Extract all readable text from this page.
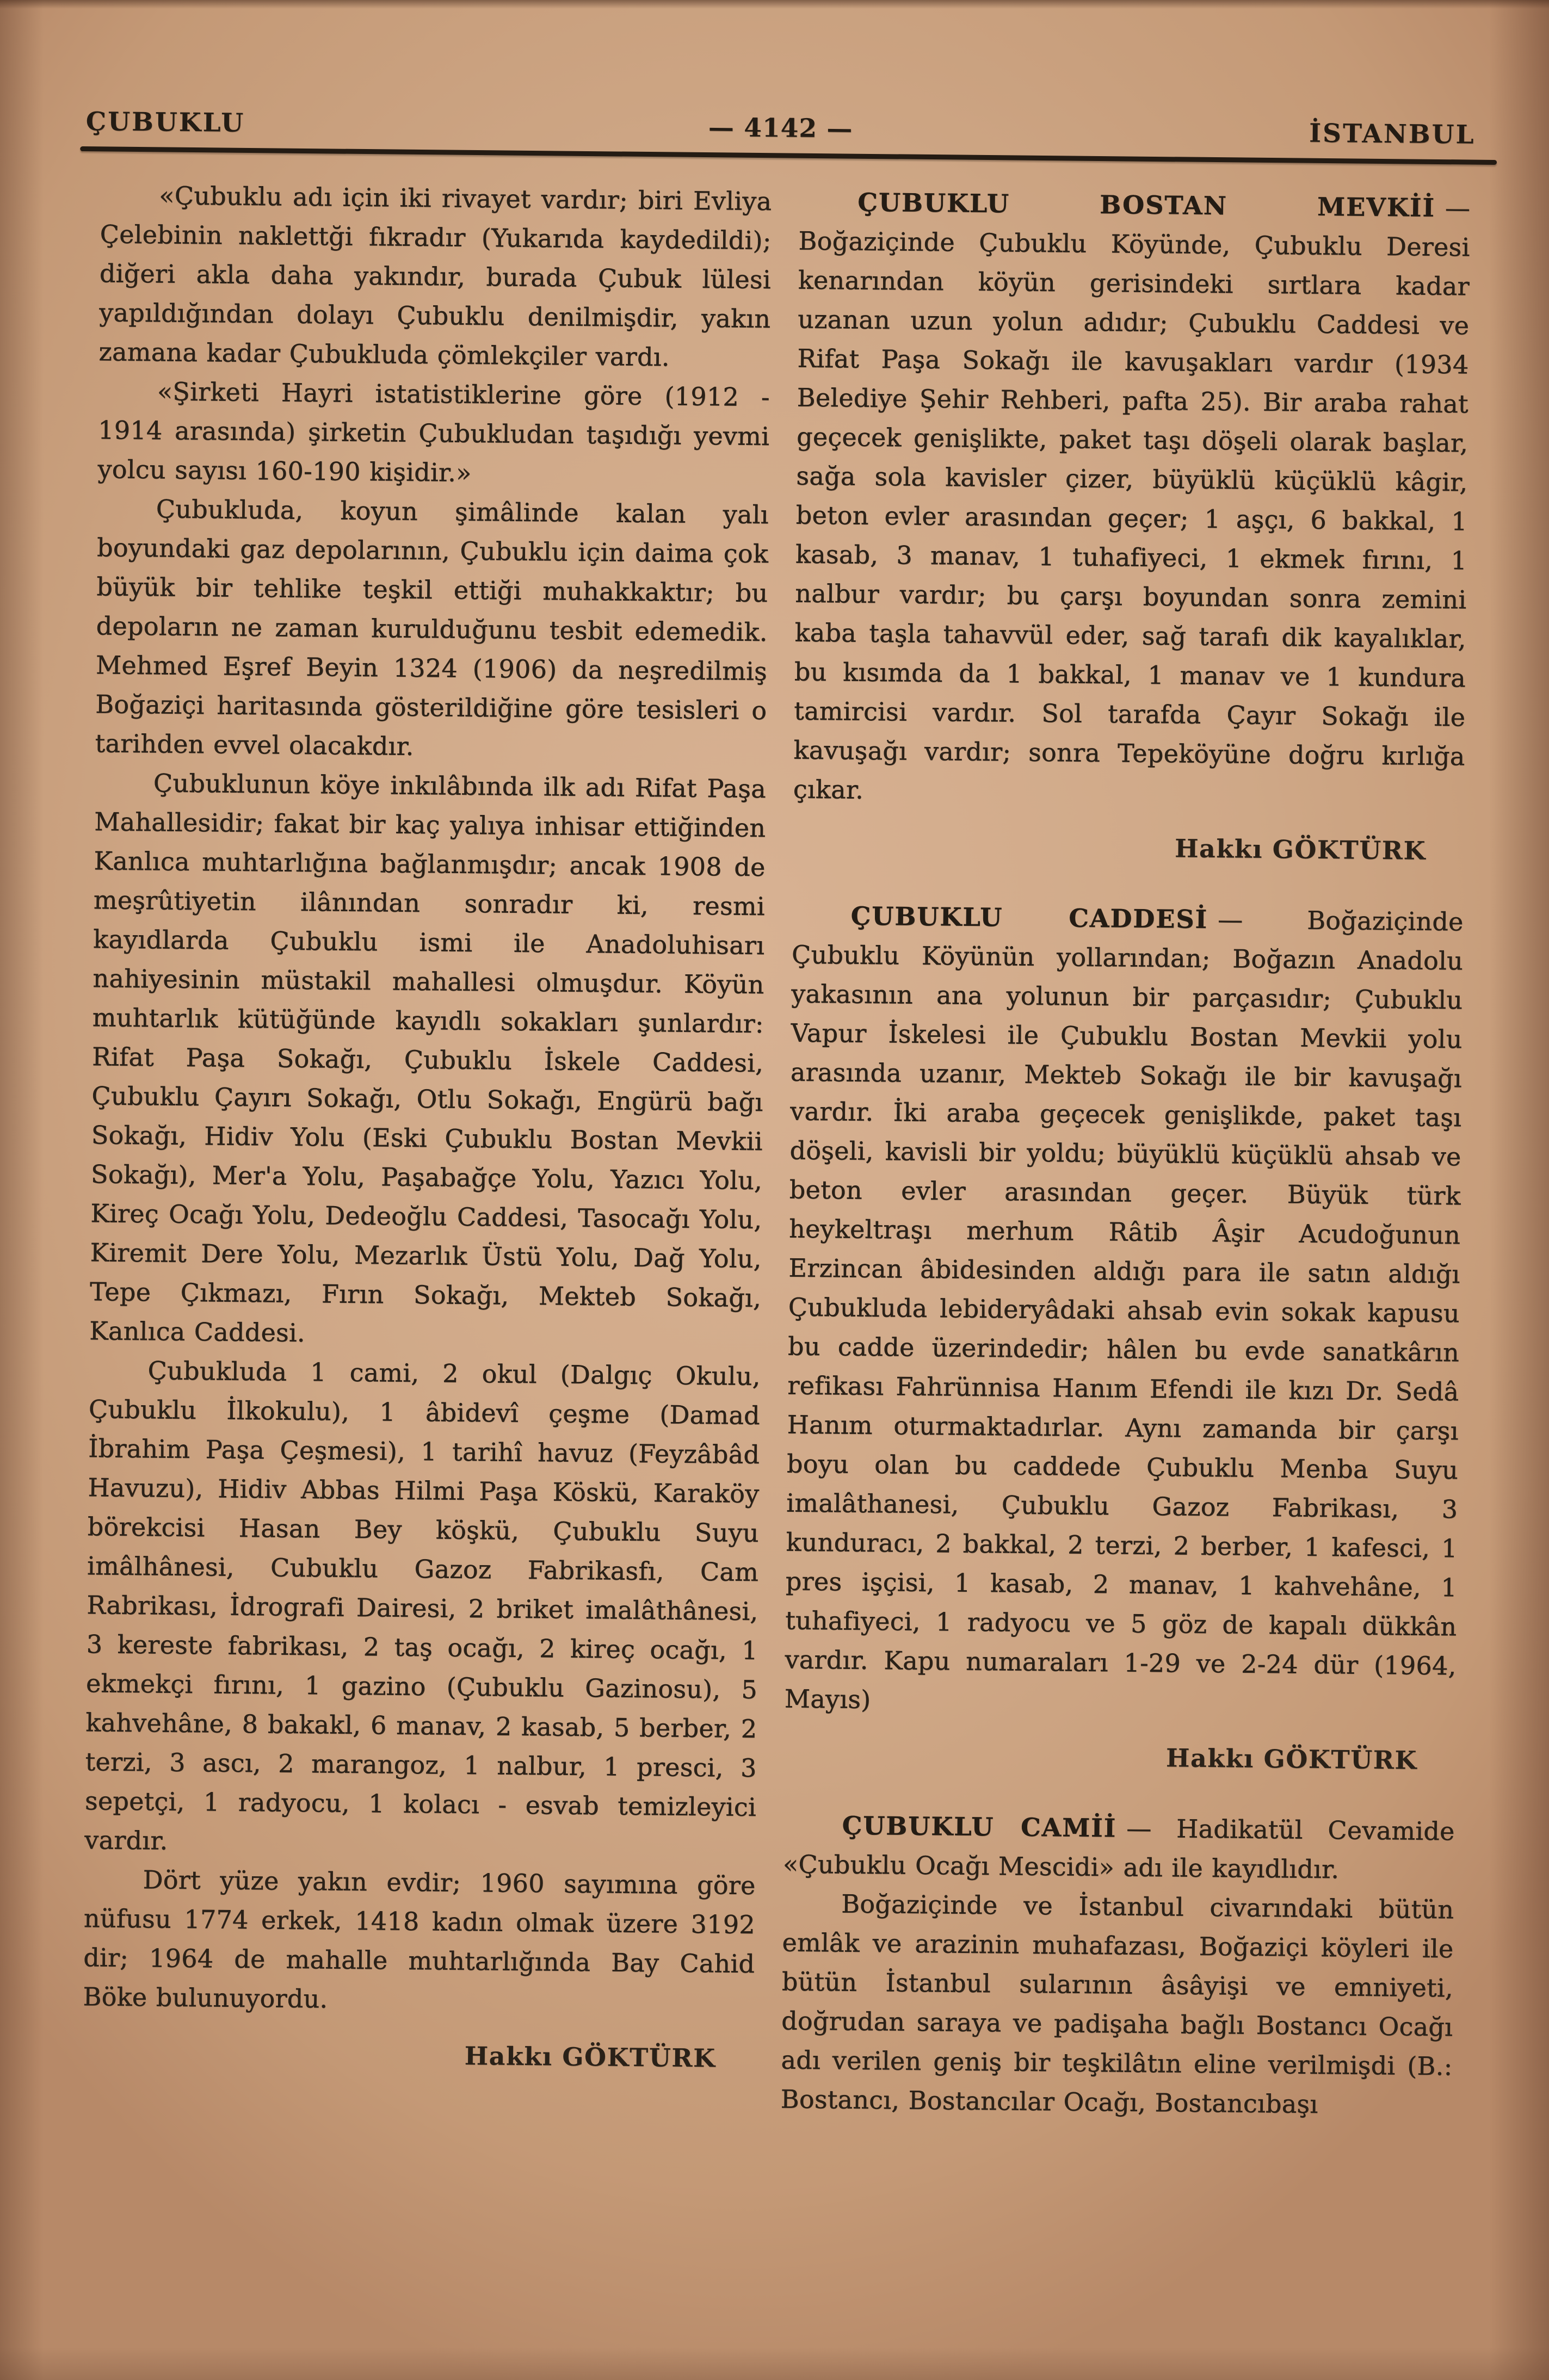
ÇUBUKLU	— 4142 —	İSTANBUL

«Çubuklu adı için iki rivayet vardır; biri Evliya Çelebinin naklettği fıkradır (Yukarıda kaydedildi); diğeri akla daha yakındır, burada Çubuk lülesi yapıldığından dolayı Çubuklu denilmişdir, yakın zamana kadar Çubukluda çömlekçiler vardı.

«Şirketi Hayri istatistiklerine göre (1912 - 1914 arasında) şirketin Çubukludan taşıdığı yevmi yolcu sayısı 160-190 kişidir.»

Çubukluda, koyun şimâlinde kalan yalı boyundaki gaz depolarının, Çubuklu için daima çok büyük bir tehlike teşkil ettiği muhakkaktır; bu depoların ne zaman kurulduğunu tesbit edemedik. Mehmed Eşref Beyin 1324 (1906) da neşredilmiş Boğaziçi haritasında gösterildiğine göre tesisleri o tarihden evvel olacakdır.

Çubuklunun köye inkılâbında ilk adı Rifat Paşa Mahallesidir; fakat bir kaç yalıya inhisar ettiğinden Kanlıca muhtarlığına bağlanmışdır; ancak 1908 de meşrûtiyetin ilânından sonradır ki, resmi kayıdlarda Çubuklu ismi ile Anadoluhisarı nahiyesinin müstakil mahallesi olmuşdur. Köyün muhtarlık kütüğünde kayıdlı sokakları şunlardır: Rifat Paşa Sokağı, Çubuklu İskele Caddesi, Çubuklu Çayırı Sokağı, Otlu Sokağı, Engürü bağı Sokağı, Hidiv Yolu (Eski Çubuklu Bostan Mevkii Sokağı), Mer'a Yolu, Paşabağçe Yolu, Yazıcı Yolu, Kireç Ocağı Yolu, Dedeoğlu Caddesi, Tasocağı Yolu, Kiremit Dere Yolu, Mezarlık Üstü Yolu, Dağ Yolu, Tepe Çıkmazı, Fırın Sokağı, Mekteb Sokağı, Kanlıca Caddesi.

Çubukluda 1 cami, 2 okul (Dalgıç Okulu, Çubuklu İlkokulu), 1 âbidevî çeşme (Damad İbrahim Paşa Çeşmesi), 1 tarihî havuz (Feyzâbâd Havuzu), Hidiv Abbas Hilmi Paşa Köskü, Karaköy börekcisi Hasan Bey köşkü, Çubuklu Suyu imâlhânesi, Cubuklu Gazoz Fabrikasfı, Cam Rabrikası, İdrografi Dairesi, 2 briket imalâthânesi, 3 kereste fabrikası, 2 taş ocağı, 2 kireç ocağı, 1 ekmekçi fırını, 1 gazino (Çubuklu Gazinosu), 5 kahvehâne, 8 bakakl, 6 manav, 2 kasab, 5 berber, 2 terzi, 3 ascı, 2 marangoz, 1 nalbur, 1 presci, 3 sepetçi, 1 radyocu, 1 kolacı - esvab temizleyici vardır.

Dört yüze yakın evdir; 1960 sayımına göre nüfusu 1774 erkek, 1418 kadın olmak üzere 3192 dir; 1964 de mahalle muhtarlığında Bay Cahid Böke bulunuyordu.

Hakkı GÖKTÜRK

ÇUBUKLU BOSTAN MEVKİİ — Boğaziçinde Çubuklu Köyünde, Çubuklu Deresi kenarından köyün gerisindeki sırtlara kadar uzanan uzun yolun adıdır; Çubuklu Caddesi ve Rifat Paşa Sokağı ile kavuşakları vardır (1934 Belediye Şehir Rehberi, pafta 25). Bir araba rahat geçecek genişlikte, paket taşı döşeli olarak başlar, sağa sola kavisler çizer, büyüklü küçüklü kâgir, beton evler arasından geçer; 1 aşçı, 6 bakkal, 1 kasab, 3 manav, 1 tuhafiyeci, 1 ekmek fırını, 1 nalbur vardır; bu çarşı boyundan sonra zemini kaba taşla tahavvül eder, sağ tarafı dik kayalıklar, bu kısımda da 1 bakkal, 1 manav ve 1 kundura tamircisi vardır. Sol tarafda Çayır Sokağı ile kavuşağı vardır; sonra Tepeköyüne doğru kırlığa çıkar.

Hakkı GÖKTÜRK

ÇUBUKLU CADDESİ — Boğaziçinde Çubuklu Köyünün yollarından; Boğazın Anadolu yakasının ana yolunun bir parçasıdır; Çubuklu Vapur İskelesi ile Çubuklu Bostan Mevkii yolu arasında uzanır, Mekteb Sokağı ile bir kavuşağı vardır. İki araba geçecek genişlikde, paket taşı döşeli, kavisli bir yoldu; büyüklü küçüklü ahsab ve beton evler arasından geçer. Büyük türk heykeltraşı merhum Râtib Âşir Acudoğunun Erzincan âbidesinden aldığı para ile satın aldığı Çubukluda lebideryâdaki ahsab evin sokak kapusu bu cadde üzerindedir; hâlen bu evde sanatkârın refikası Fahrünnisa Hanım Efendi ile kızı Dr. Sedâ Hanım oturmaktadırlar. Aynı zamanda bir çarşı boyu olan bu caddede Çubuklu Menba Suyu imalâthanesi, Çubuklu Gazoz Fabrikası, 3 kunduracı, 2 bakkal, 2 terzi, 2 berber, 1 kafesci, 1 pres işçisi, 1 kasab, 2 manav, 1 kahvehâne, 1 tuhafiyeci, 1 radyocu ve 5 göz de kapalı dükkân vardır. Kapu numaraları 1-29 ve 2-24 dür (1964, Mayıs)

Hakkı GÖKTÜRK

ÇUBUKLU CAMİİ — Hadikatül Cevamide «Çubuklu Ocağı Mescidi» adı ile kayıdlıdır.

Boğaziçinde ve İstanbul civarındaki bütün emlâk ve arazinin muhafazası, Boğaziçi köyleri ile bütün İstanbul sularının âsâyişi ve emniyeti, doğrudan saraya ve padişaha bağlı Bostancı Ocağı adı verilen geniş bir teşkilâtın eline verilmişdi (B.: Bostancı, Bostancılar Ocağı, Bostancıbaşı
